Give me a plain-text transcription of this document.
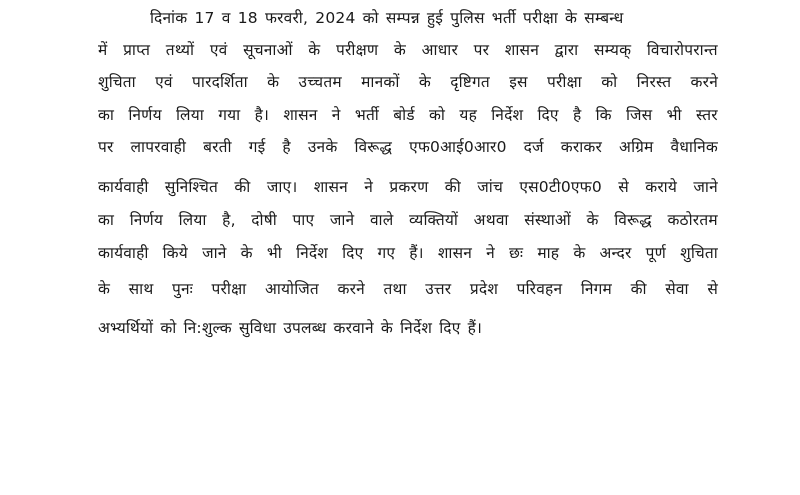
दिनांक 17 व 18 फरवरी, 2024 को सम्पन्न हुई पुलिस भर्ती परीक्षा के सम्बन्ध
में प्राप्त तथ्यों एवं सूचनाओं के परीक्षण के आधार पर शासन द्वारा सम्यक् विचारोपरान्त
शुचिता एवं पारदर्शिता के उच्चतम मानकों के दृष्टिगत इस परीक्षा को निरस्त करने
का निर्णय लिया गया है। शासन ने भर्ती बोर्ड को यह निर्देश दिए है कि जिस भी स्तर
पर लापरवाही बरती गई है उनके विरूद्ध एफ0आई0आर0 दर्ज कराकर अग्रिम वैधानिक
कार्यवाही सुनिश्चित की जाए। शासन ने प्रकरण की जांच एस0टी0एफ0 से कराये जाने
का निर्णय लिया है, दोषी पाए जाने वाले व्यक्तियों अथवा संस्थाओं के विरूद्ध कठोरतम
कार्यवाही किये जाने के भी निर्देश दिए गए हैं। शासन ने छः माह के अन्दर पूर्ण शुचिता
के साथ पुनः परीक्षा आयोजित करने तथा उत्तर प्रदेश परिवहन निगम की सेवा से
अभ्यर्थियों को नि:शुल्क सुविधा उपलब्ध करवाने के निर्देश दिए हैं।
